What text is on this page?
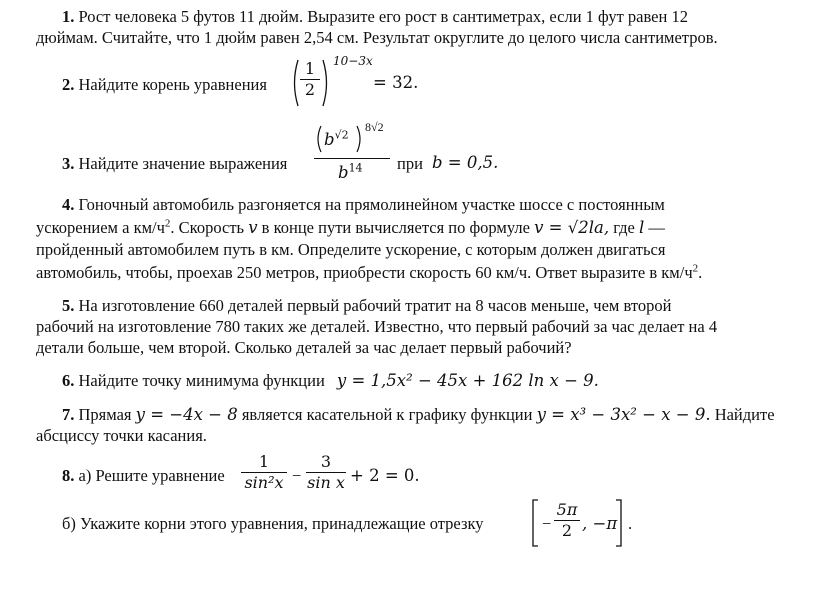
1. Рост человека 5 футов 11 дюйм. Выразите его рост в сантиметрах, если 1 фут равен 12
дюймам. Считайте, что 1 дюйм равен 2,54 см. Результат округлите до целого числа сантиметров.
2. Найдите корень уравнения
1
2
10−3x
= 32.
3. Найдите значение выражения
$b^{√2}$
8√2
$b^{14}$ при b = 0,5.
4. Гоночный автомобиль разгоняется на прямолинейном участке шоссе с постоянным
ускорением a $км/ч^2$. Скорость v в конце пути вычисляется по формуле v = √2la, где l —
пройденный автомобилем путь в км. Определите ускорение, с которым должен двигаться
автомобиль, чтобы, проехав 250 метров, приобрести скорость 60 км/ч. Ответ выразите в $км/ч^2$.
5. На изготовление 660 деталей первый рабочий тратит на 8 часов меньше, чем второй
рабочий на изготовление 780 таких же деталей. Известно, что первый рабочий за час делает на 4
детали больше, чем второй. Сколько деталей за час делает первый рабочий?
6. Найдите точку минимума функции y = 1,5x² − 45x + 162 ln x − 9.
7. Прямая y = −4x − 8 является касательной к графику функции y = x³ − 3x² − x − 9. Найдите
абсциссу точки касания.
8. а) Решите уравнение
1
sin²x −
3
sin x + 2 = 0.
б) Укажите корни этого уравнения, принадлежащие отрезку	−
5π
2 , −π .
